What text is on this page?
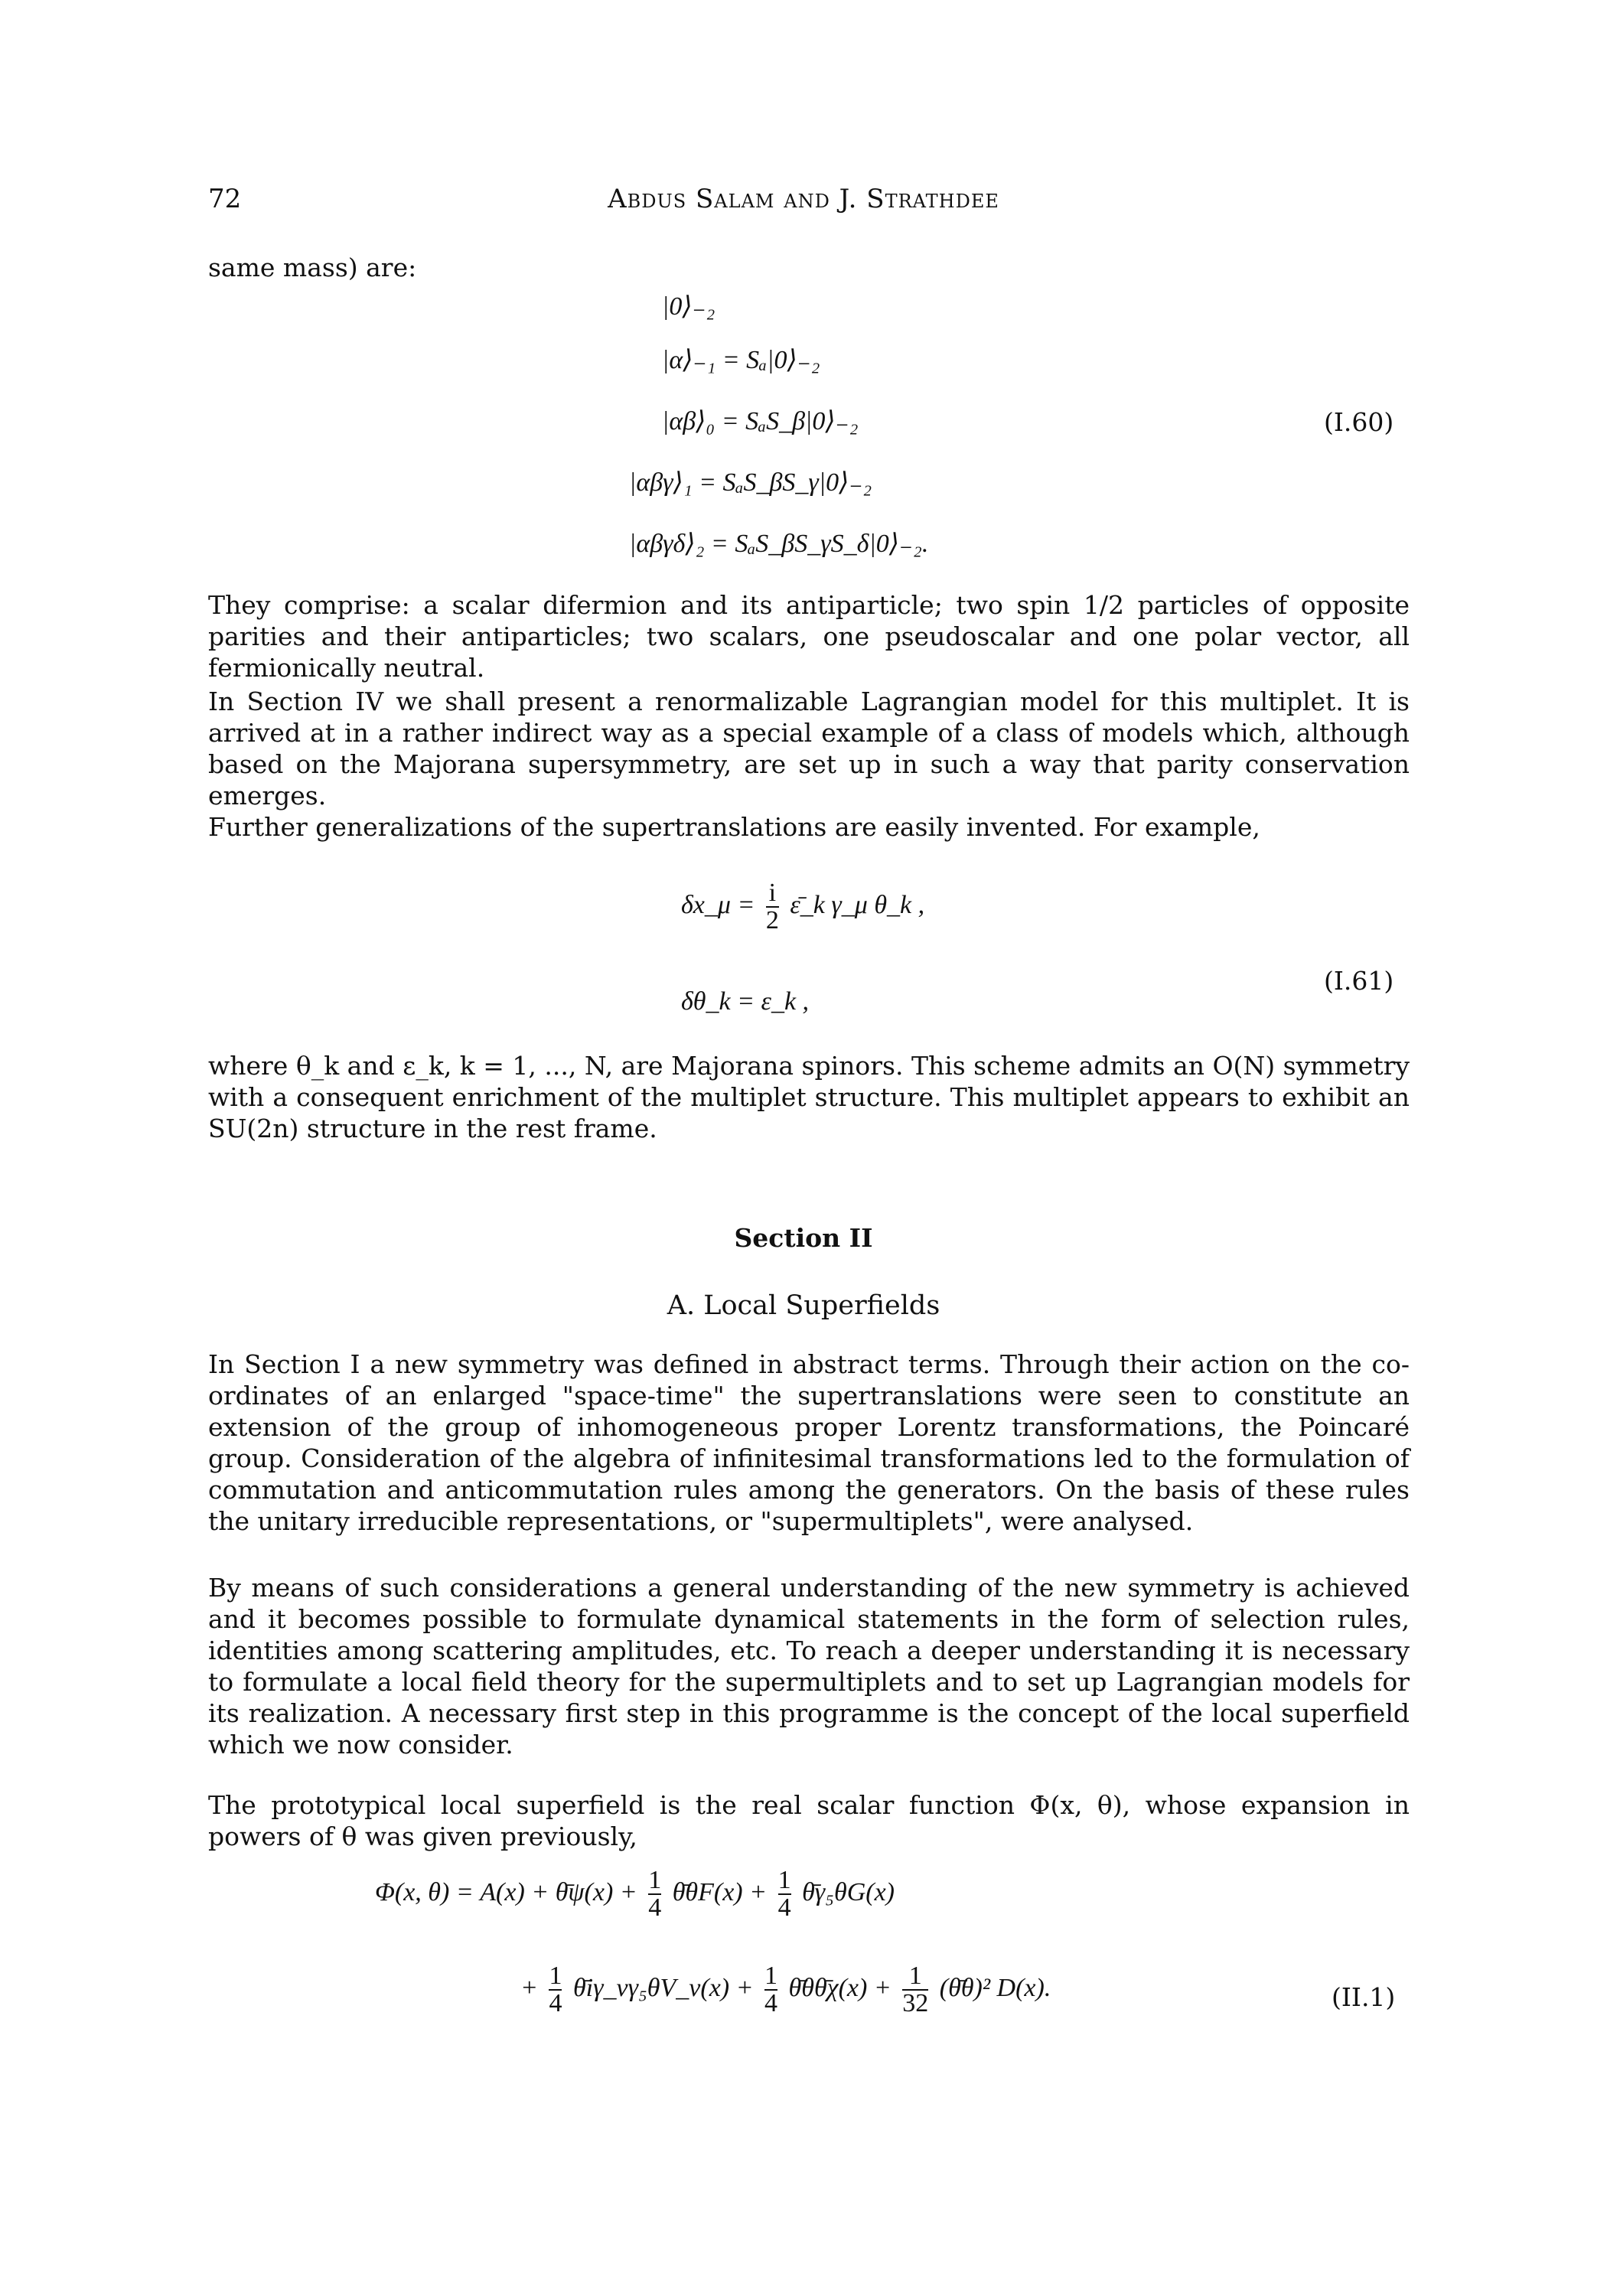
72	Abdus Salam and J. Strathdee
same mass) are:
|0⟩₋₂
|α⟩₋₁ = Sₐ|0⟩₋₂
|αβ⟩₀ = SₐS_β|0⟩₋₂
|αβγ⟩₁ = SₐS_βS_γ|0⟩₋₂
|αβγδ⟩₂ = SₐS_βS_γS_δ|0⟩₋₂.
(I.60)
They comprise: a scalar difermion and its antiparticle; two spin 1/2 particles of opposite parities and their antiparticles; two scalars, one pseudoscalar and one polar vector, all fermionically neutral.
In Section IV we shall present a renormalizable Lagrangian model for this multiplet. It is arrived at in a rather indirect way as a special example of a class of models which, although based on the Majorana supersymmetry, are set up in such a way that parity conservation emerges.
Further generalizations of the supertranslations are easily invented. For example,
δx_μ = $\frac{i}{2}$ ε̄_k γ_μ θ_k ,
δθ_k = ε_k ,
(I.61)
where θ_k and ε_k, k = 1, ..., N, are Majorana spinors. This scheme admits an O(N) symmetry with a consequent enrichment of the multiplet structure. This multiplet appears to exhibit an SU(2n) structure in the rest frame.
Section II
A. Local Superfields
In Section I a new symmetry was defined in abstract terms. Through their action on the co-ordinates of an enlarged "space-time" the supertranslations were seen to constitute an extension of the group of inhomogeneous proper Lorentz transformations, the Poincaré group. Consideration of the algebra of infinitesimal transformations led to the formulation of commutation and anticommutation rules among the generators. On the basis of these rules the unitary irreducible representations, or "supermultiplets", were analysed.
By means of such considerations a general understanding of the new symmetry is achieved and it becomes possible to formulate dynamical statements in the form of selection rules, identities among scattering amplitudes, etc. To reach a deeper understanding it is necessary to formulate a local field theory for the supermultiplets and to set up Lagrangian models for its realization. A necessary first step in this programme is the concept of the local superfield which we now consider.
The prototypical local superfield is the real scalar function Φ(x, θ), whose expansion in powers of θ was given previously,
Φ(x, θ) = A(x) + θ̄ψ(x) + $\frac{1}{4}$ θ̄θF(x) + $\frac{1}{4}$ θ̄γ₅θG(x)
+ $\frac{1}{4}$ θ̄iγ_νγ₅θV_ν(x) + $\frac{1}{4}$ θ̄θθ̄χ(x) + $\frac{1}{32}$ (θ̄θ)² D(x).	(II.1)
